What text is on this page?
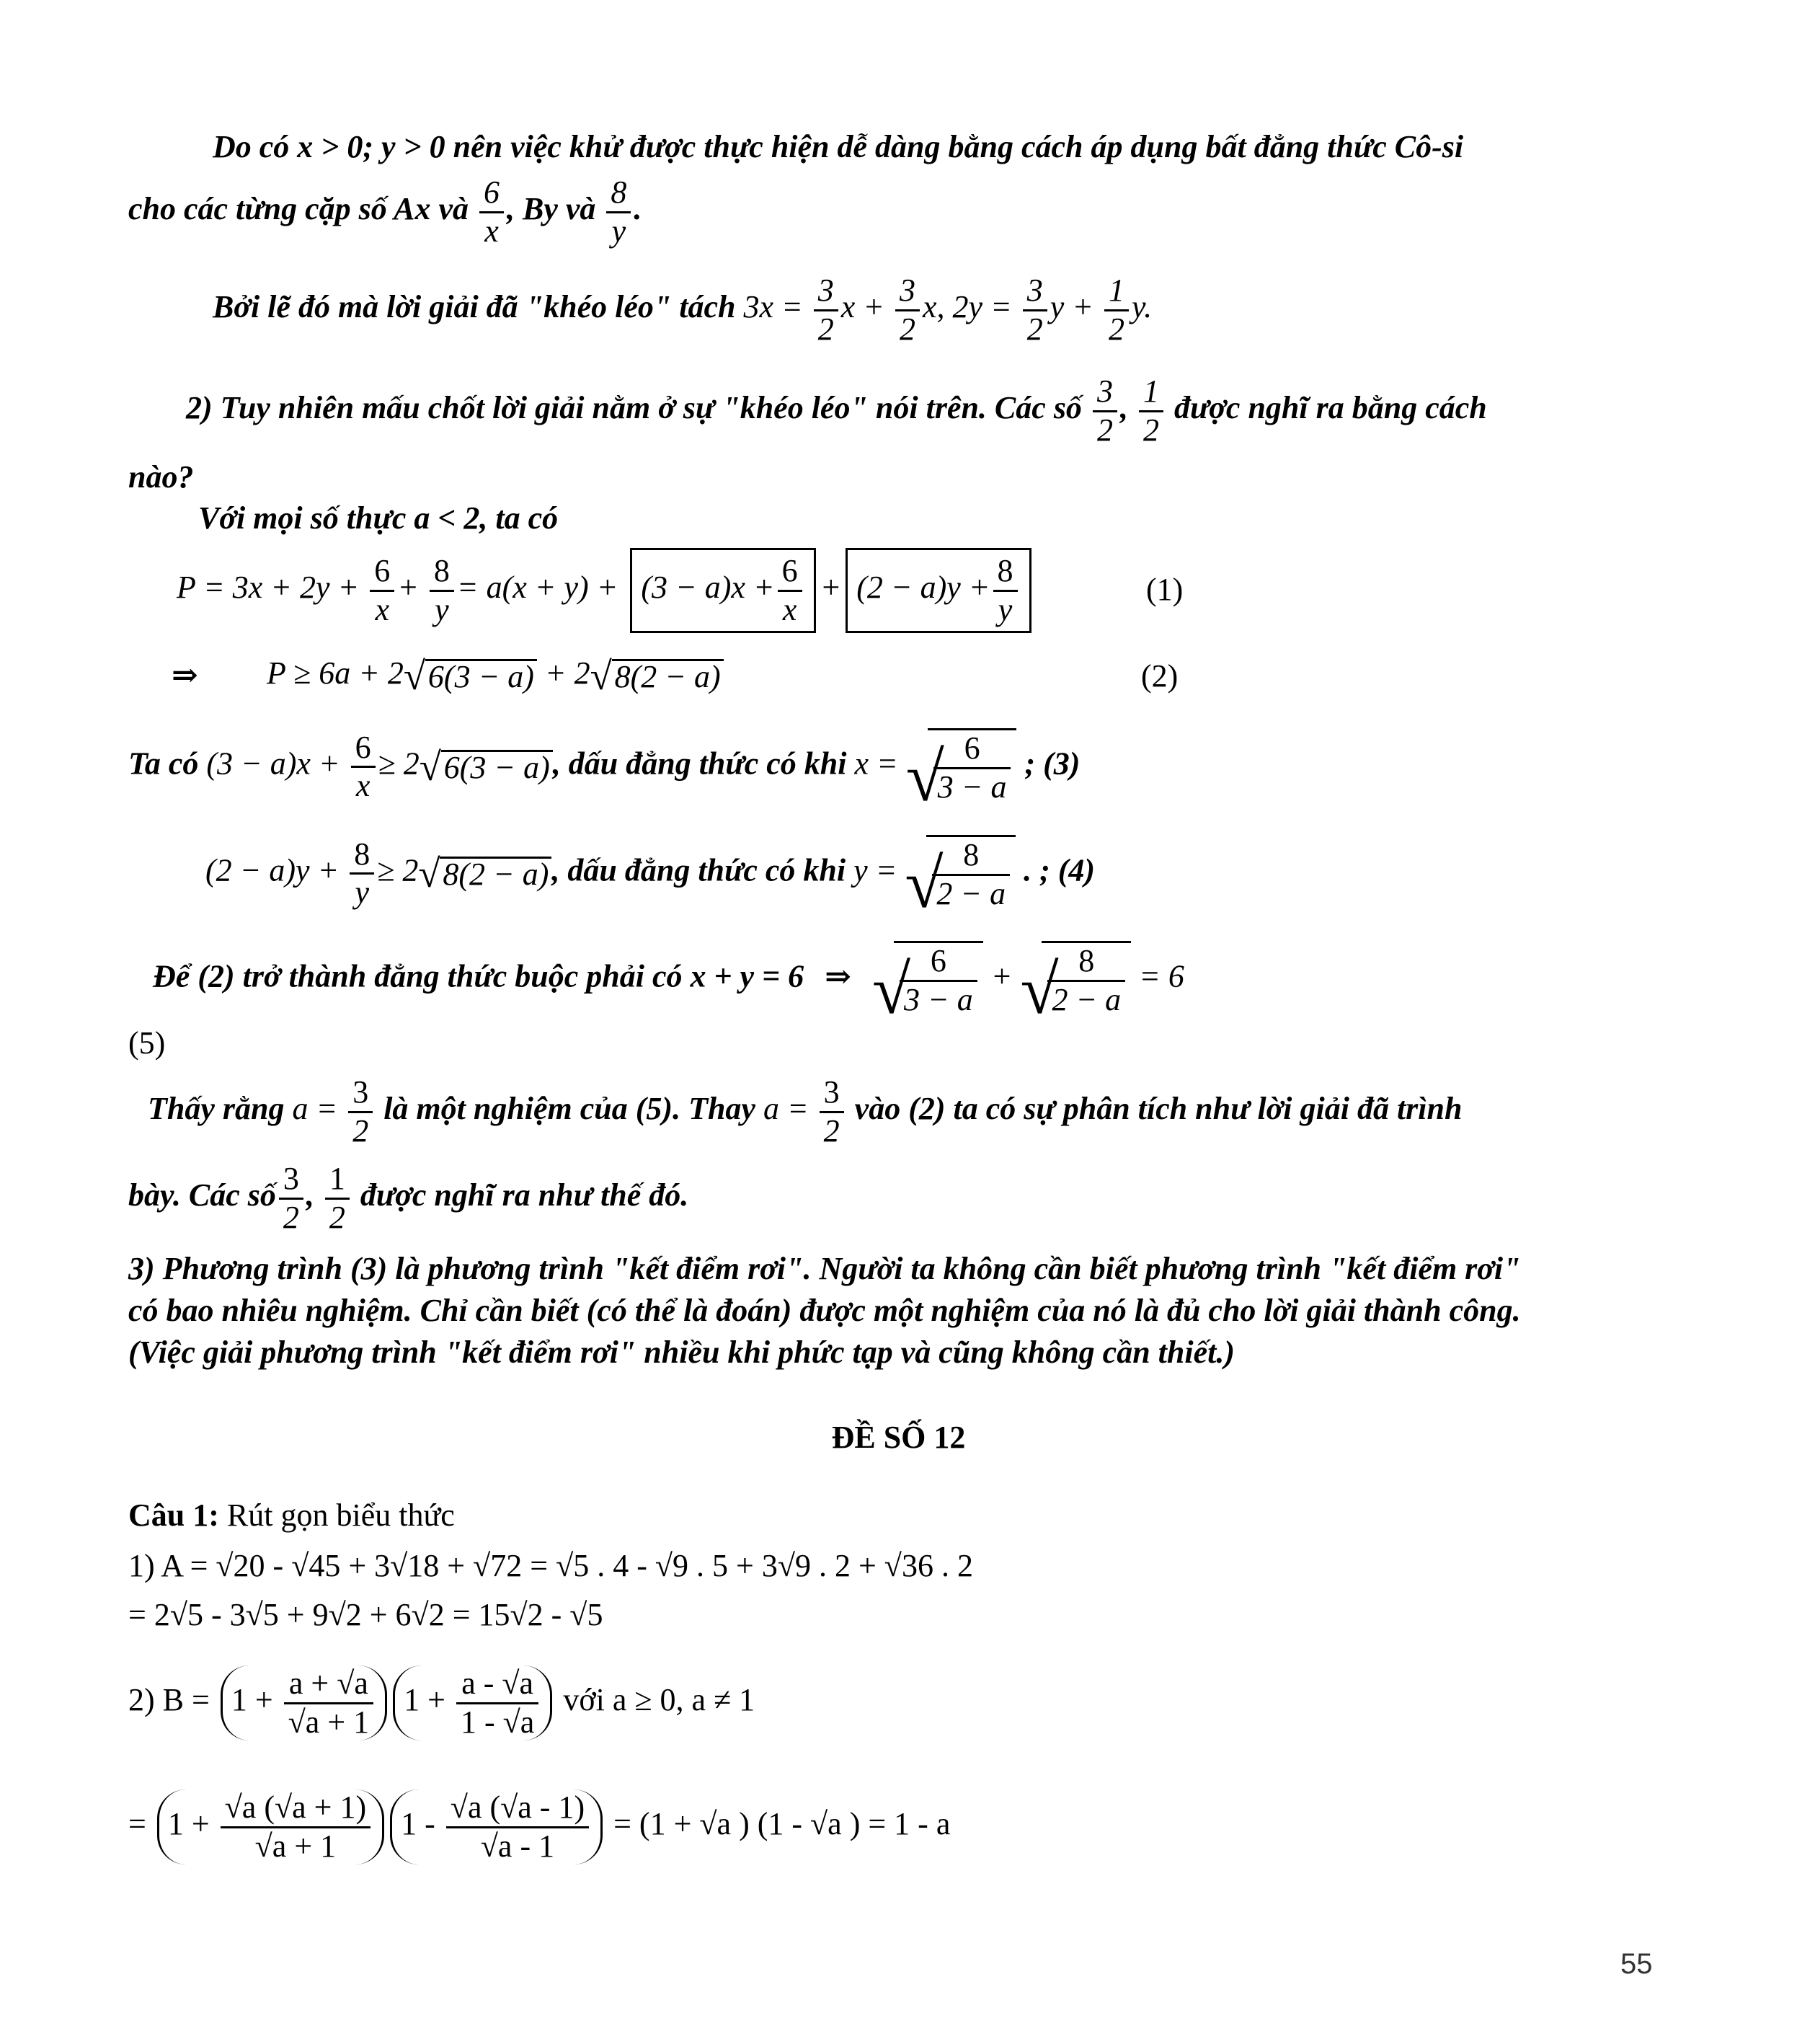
Do có x > 0; y > 0 nên việc khử được thực hiện dễ dàng bằng cách áp dụng bất đẳng thức Cô-si
cho các từng cặp số Ax và $\frac{6}{x}$ , By và $\frac{8}{y}$ .
Bởi lẽ đó mà lời giải đã "khéo léo" tách $3x = \frac{3}{2}$ $x + \frac{3}{2} x$, $2y = \frac{3}{2}$ $y + \frac{1}{2} y$.
2) Tuy nhiên mấu chốt lời giải nằm ở sự "khéo léo" nói trên. Các số $\frac{3}{2}$ , $\frac{1}{2}$ được nghĩ ra bằng cách
nào?
Với mọi số thực a < 2, ta có
$P = 3x + 2y + \frac{6}{x} + \frac{8}{y} = a(x + y) + (3 - a)x + \frac{6}{x} + (2 - a)y + \frac{8}{y}$	(1)
⇒ P ≥ 6a + 2 √ 6(3 − a) + 2 √ 8(2 − a)	(2)
Ta có $(3 - a)x + \frac{6}{x} \ge 2$ √ 6(3 − a), dấu đẳng thức có khi x = √
$\frac{6}{3 - a}$ ; (3)
$(2 - a)y + \frac{8}{y} \ge 2$ √ 8(2 − a), dấu đẳng thức có khi y = √
$\frac{8}{2 - a}$ . ; (4)
Để (2) trở thành đẳng thức buộc phải có x + y = 6 ⇒ √
$\frac{6}{3 - a}$ + √
$\frac{8}{2 - a} = 6$
(5)
Thấy rằng $a = \frac{3}{2}$ là một nghiệm của (5). Thay $a = \frac{3}{2}$ vào (2) ta có sự phân tích như lời giải đã trình
bày. Các số $\frac{3}{2}$ , $\frac{1}{2}$ được nghĩ ra như thế đó.
3) Phương trình (3) là phương trình "kết điểm rơi". Người ta không cần biết phương trình "kết điểm rơi"
có bao nhiêu nghiệm. Chỉ cần biết (có thể là đoán) được một nghiệm của nó là đủ cho lời giải thành công.
(Việc giải phương trình "kết điểm rơi" nhiều khi phức tạp và cũng không cần thiết.)
ĐỀ SỐ 12
Câu 1: Rút gọn biểu thức
1) A = √20 - √45 + 3√18 + √72 = √5 . 4 - √9 . 5 + 3√9 . 2 + √36 . 2
= 2√5 - 3√5 + 9√2 + 6√2 = 15√2 - √5
2) $B = 1 + \frac{a + √a}{√a + 1} 1 + \frac{a - √a}{1 - √a}$ với a ≥ 0, a ≠ 1
= $1 + \frac{√a (√a + 1)}{√a + 1} 1 - \frac{√a (√a - 1)}{√a - 1} = (1 + √a$ ) (1 - √a ) = 1 - a
55
